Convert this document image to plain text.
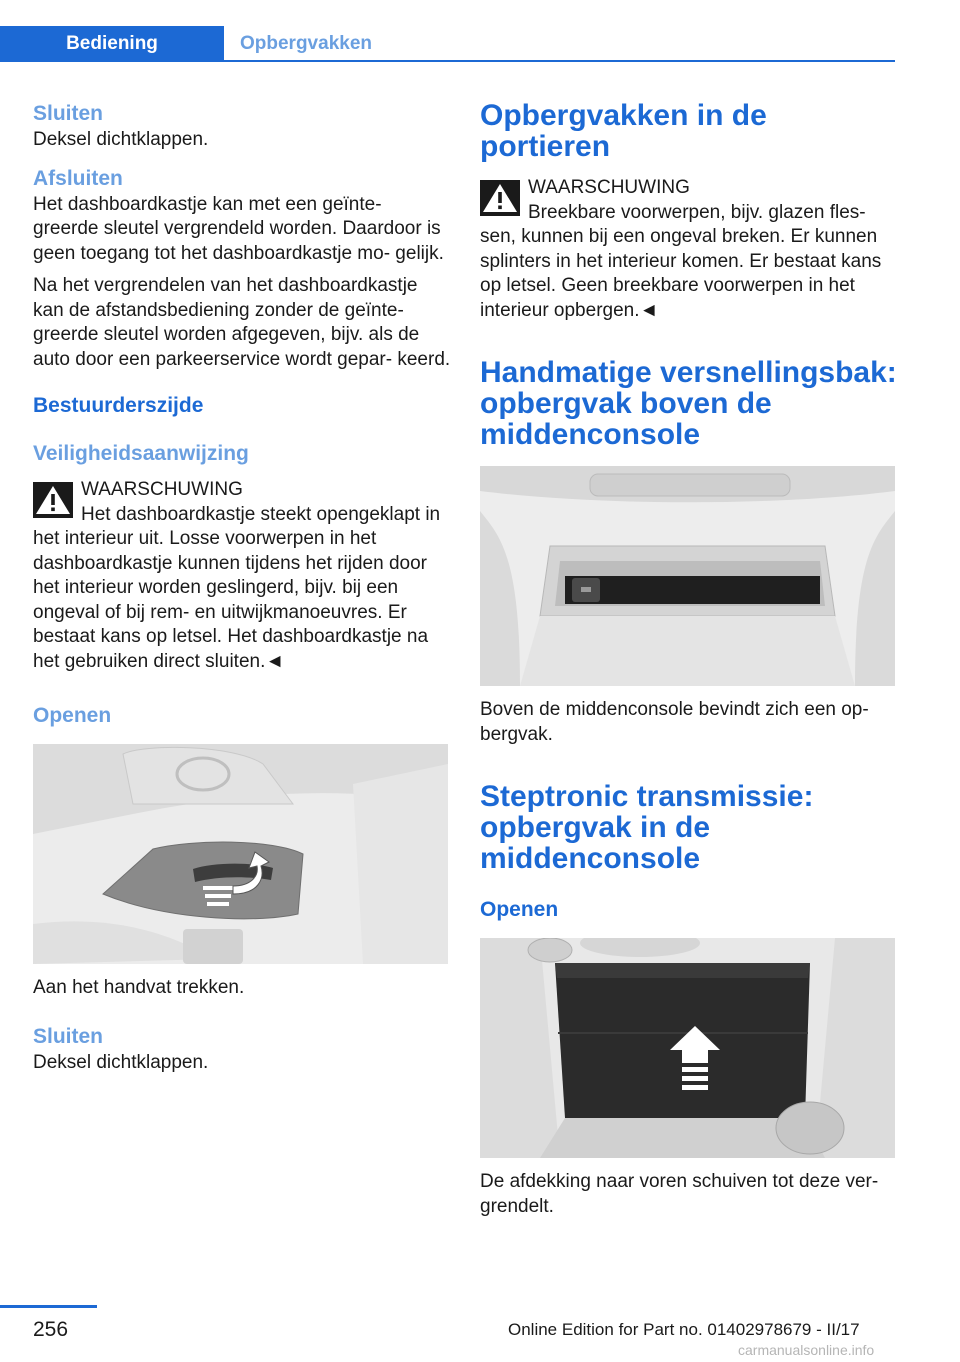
Bediening	Opbergvakken
Sluiten

Deksel dichtklappen.

Afsluiten

Het dashboardkastje kan met een geïnte- greerde sleutel vergrendeld worden. Daardoor is geen toegang tot het dashboardkastje mo- gelijk.

Na het vergrendelen van het dashboardkastje kan de afstandsbediening zonder de geïnte- greerde sleutel worden afgegeven, bijv. als de auto door een parkeerservice wordt gepar- keerd.

Bestuurderszijde
Veiligheidsaanwijzing
WAARSCHUWING

Het dashboardkastje steekt opengeklapt in het interieur uit. Losse voorwerpen in het dashboardkastje kunnen tijdens het rijden door het interieur worden geslingerd, bijv. bij een ongeval of bij rem- en uitwijkmanoeuvres. Er bestaat kans op letsel. Het dashboardkastje na het gebruiken direct sluiten.◄

Openen

Aan het handvat trekken.

Sluiten

Deksel dichtklappen.

Opbergvakken in de portieren
WAARSCHUWING

Breekbare voorwerpen, bijv. glazen fles- sen, kunnen bij een ongeval breken. Er kunnen splinters in het interieur komen. Er bestaat kans op letsel. Geen breekbare voorwerpen in het interieur opbergen.◄

Handmatige versnellingsbak: opbergvak boven de middenconsole

Boven de middenconsole bevindt zich een op- bergvak.

Steptronic transmissie: opbergvak in de middenconsole
Openen

De afdekking naar voren schuiven tot deze ver- grendelt.

256	Online Edition for Part no. 01402978679 - II/17
carmanualsonline.info
